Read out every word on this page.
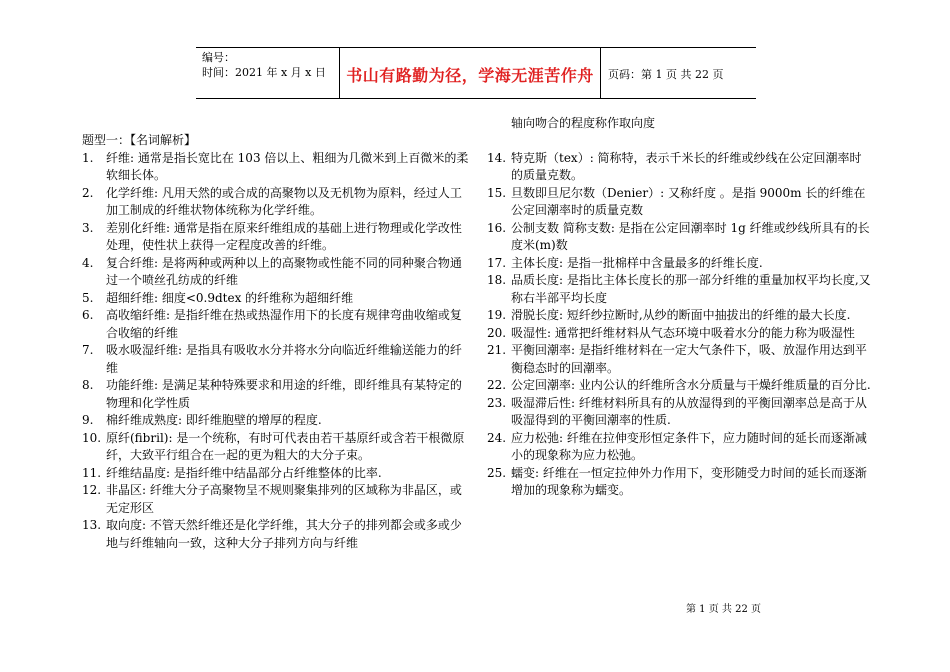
编号：
时间：2021 年 x 月 x 日	书山有路勤为径，学海无涯苦作舟	页码：第 1 页 共 22 页
题型一：【名词解析】
1. 纤维: 通常是指长宽比在 103 倍以上、粗细为几微米到上百微米的柔软细长体。
2. 化学纤维: 凡用天然的或合成的高聚物以及无机物为原料，经过人工加工制成的纤维状物体统称为化学纤维。
3. 差别化纤维: 通常是指在原来纤维组成的基础上进行物理或化学改性处理，使性状上获得一定程度改善的纤维。
4. 复合纤维: 是将两种或两种以上的高聚物或性能不同的同种聚合物通过一个喷丝孔纺成的纤维
5. 超细纤维: 细度<0.9dtex 的纤维称为超细纤维
6. 高收缩纤维: 是指纤维在热或热湿作用下的长度有规律弯曲收缩或复合收缩的纤维
7. 吸水吸湿纤维: 是指具有吸收水分并将水分向临近纤维输送能力的纤维
8. 功能纤维: 是满足某种特殊要求和用途的纤维，即纤维具有某特定的物理和化学性质
9. 棉纤维成熟度: 即纤维胞壁的增厚的程度.
10. 原纤(fibril): 是一个统称，有时可代表由若干基原纤或含若干根微原纤，大致平行组合在一起的更为粗大的大分子束。
11. 纤维结晶度: 是指纤维中结晶部分占纤维整体的比率.
12. 非晶区: 纤维大分子高聚物呈不规则聚集排列的区域称为非晶区，或无定形区
13. 取向度: 不管天然纤维还是化学纤维，其大分子的排列都会或多或少地与纤维轴向一致，这种大分子排列方向与纤维
轴向吻合的程度称作取向度
14. 特克斯（tex）: 简称特，表示千米长的纤维或纱线在公定回潮率时的质量克数。
15. 旦数即旦尼尔数（Denier）: 又称纤度 。是指 9000m 长的纤维在公定回潮率时的质量克数
16. 公制支数 简称支数: 是指在公定回潮率时 1g 纤维或纱线所具有的长度米(m)数
17. 主体长度: 是指一批棉样中含量最多的纤维长度.
18. 品质长度: 是指比主体长度长的那一部分纤维的重量加权平均长度,又称右半部平均长度
19. 滑脱长度: 短纤纱拉断时,从纱的断面中抽拔出的纤维的最大长度.
20. 吸湿性: 通常把纤维材料从气态环境中吸着水分的能力称为吸湿性
21. 平衡回潮率: 是指纤维材料在一定大气条件下，吸、放湿作用达到平衡稳态时的回潮率。
22. 公定回潮率: 业内公认的纤维所含水分质量与干燥纤维质量的百分比.
23. 吸湿滞后性: 纤维材料所具有的从放湿得到的平衡回潮率总是高于从吸湿得到的平衡回潮率的性质.
24. 应力松弛: 纤维在拉伸变形恒定条件下，应力随时间的延长而逐渐减小的现象称为应力松弛。
25. 蠕变: 纤维在一恒定拉伸外力作用下，变形随受力时间的延长而逐渐增加的现象称为蠕变。
第 1 页 共 22 页
